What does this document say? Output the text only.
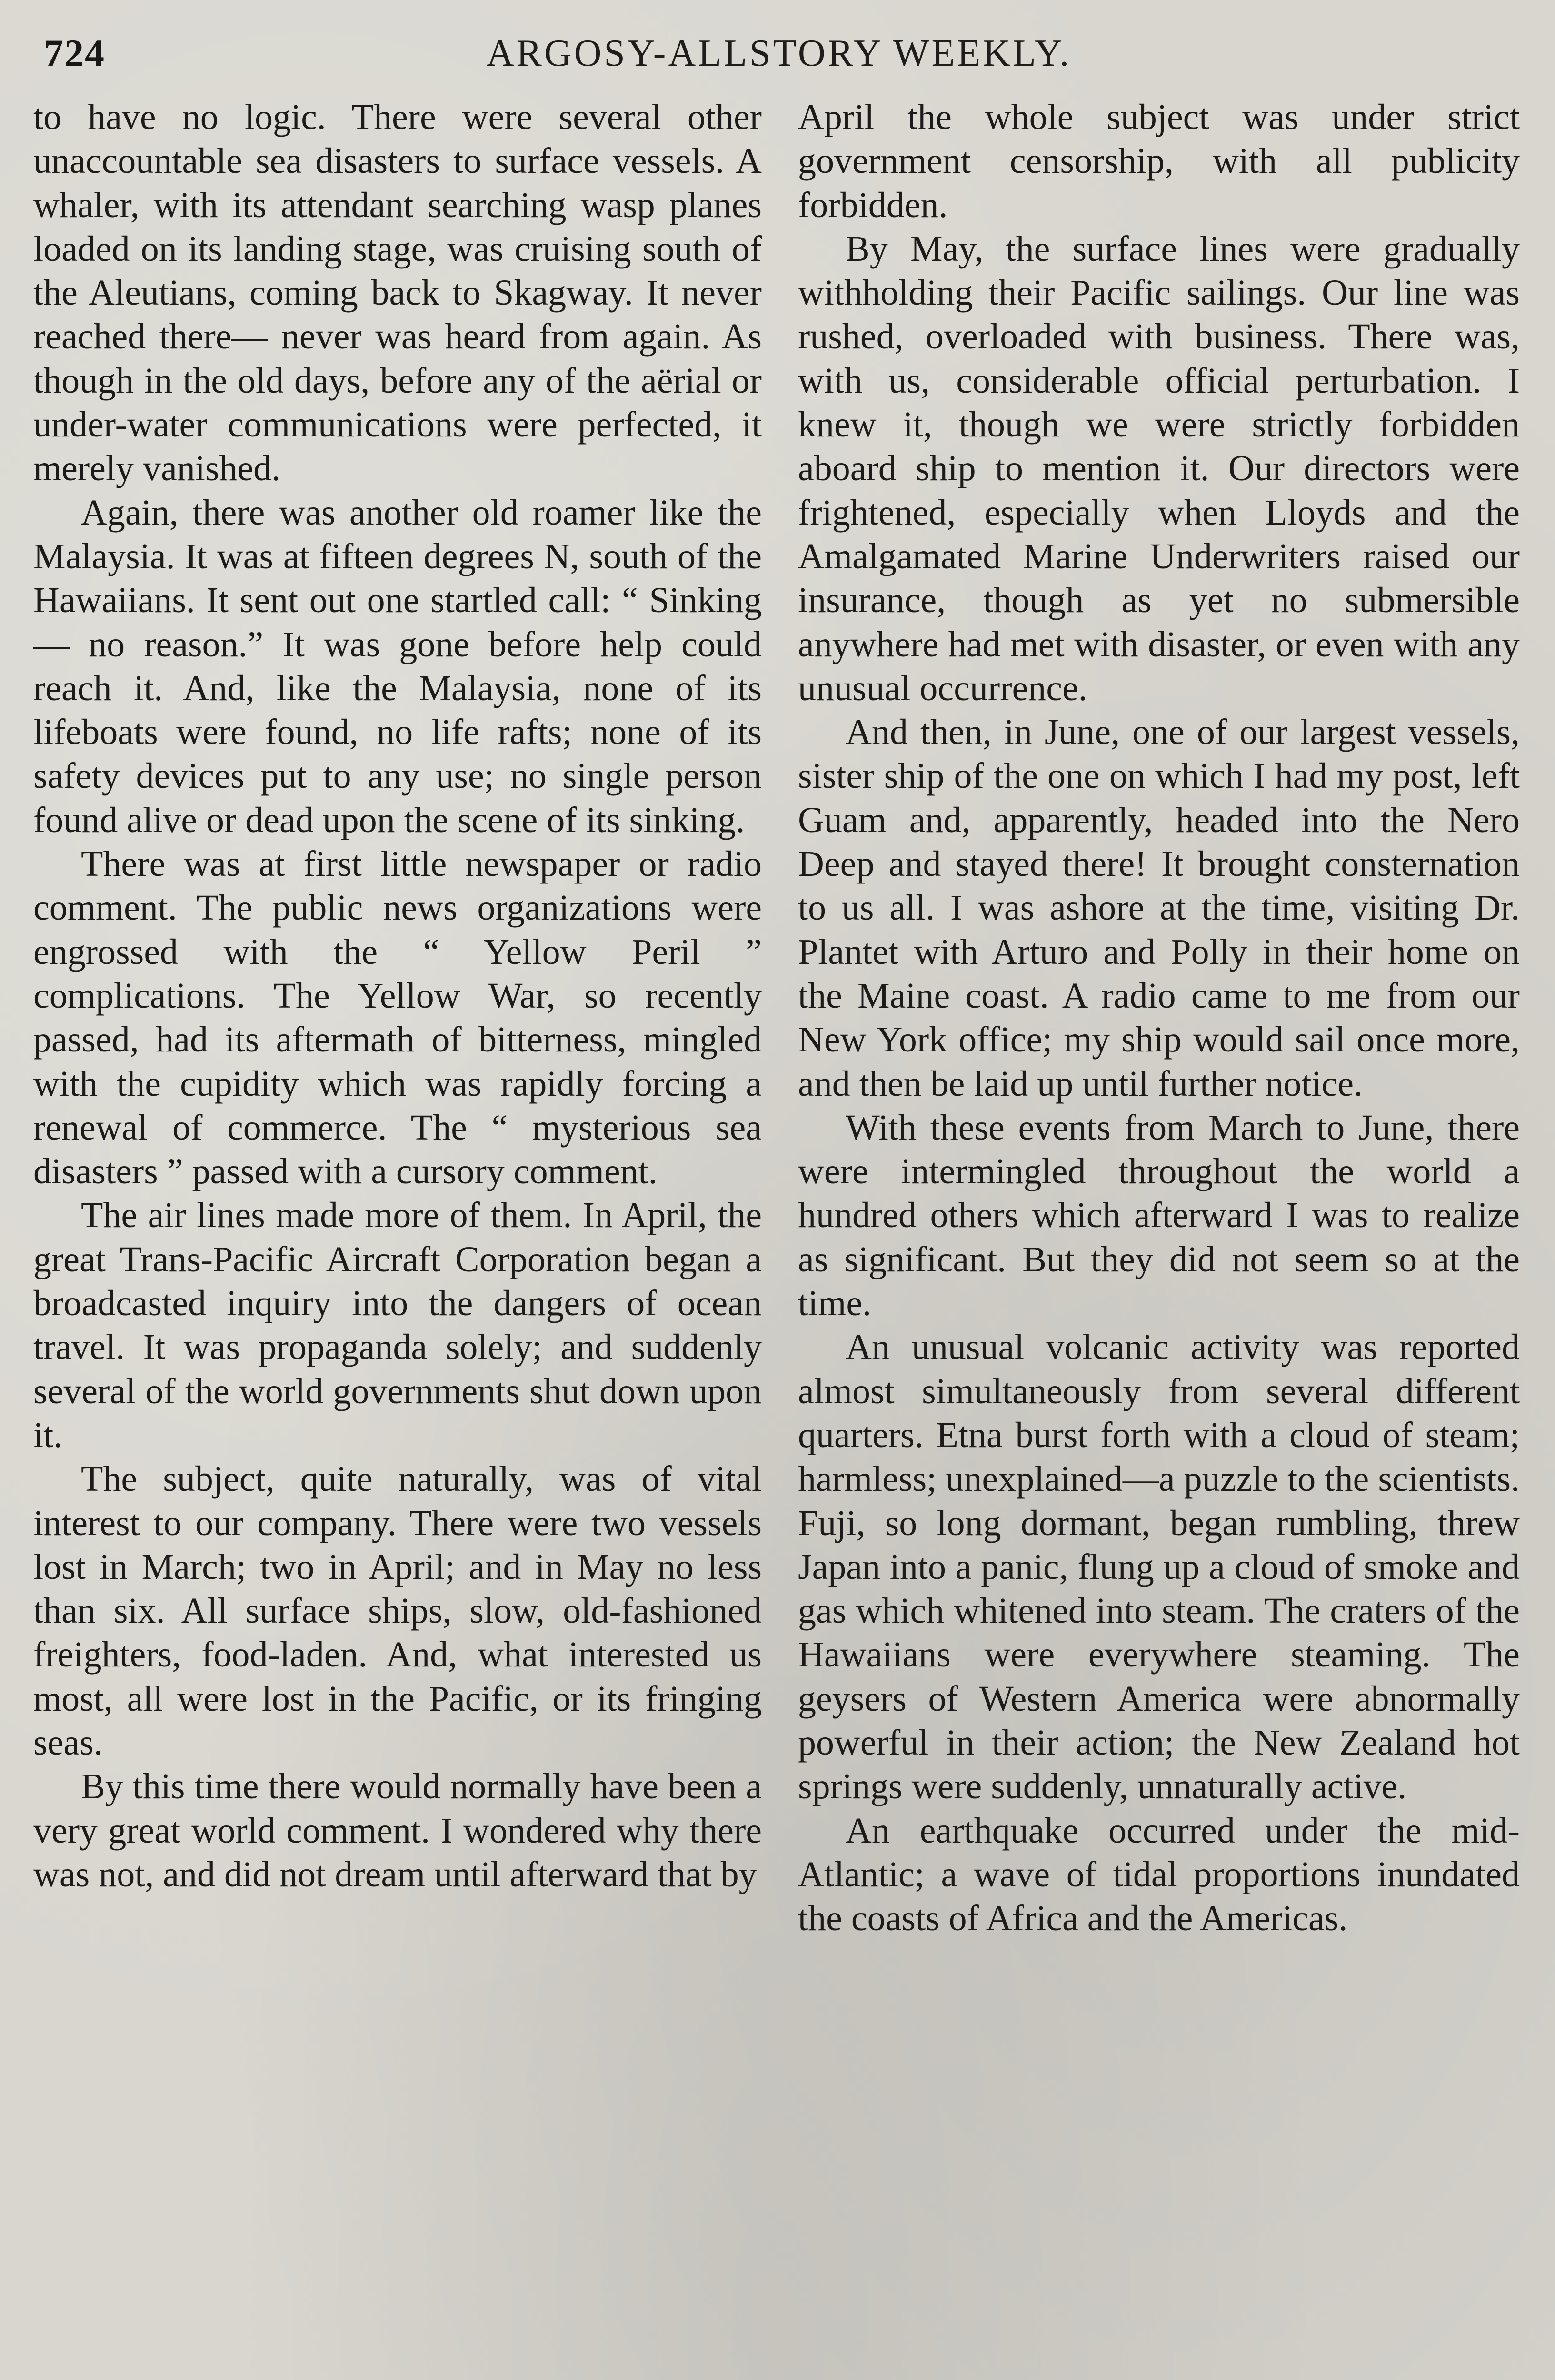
724	ARGOSY-ALLSTORY WEEKLY.

to have no logic. There were several other unaccountable sea disasters to surface vessels. A whaler, with its attendant searching wasp planes loaded on its landing stage, was cruising south of the Aleutians, coming back to Skagway. It never reached there— never was heard from again. As though in the old days, before any of the aërial or under-water communications were perfected, it merely vanished.

Again, there was another old roamer like the Malaysia. It was at fifteen degrees N, south of the Hawaiians. It sent out one startled call: “ Sinking— no reason.” It was gone before help could reach it. And, like the Malaysia, none of its lifeboats were found, no life rafts; none of its safety devices put to any use; no single person found alive or dead upon the scene of its sinking.

There was at first little newspaper or radio comment. The public news organizations were engrossed with the “ Yellow Peril ” complications. The Yellow War, so recently passed, had its aftermath of bitterness, mingled with the cupidity which was rapidly forcing a renewal of commerce. The “ mysterious sea disasters ” passed with a cursory comment.

The air lines made more of them. In April, the great Trans-Pacific Aircraft Corporation began a broadcasted inquiry into the dangers of ocean travel. It was propaganda solely; and suddenly several of the world governments shut down upon it.

The subject, quite naturally, was of vital interest to our company. There were two vessels lost in March; two in April; and in May no less than six. All surface ships, slow, old-fashioned freighters, food-laden. And, what interested us most, all were lost in the Pacific, or its fringing seas.

By this time there would normally have been a very great world comment. I wondered why there was not, and did not dream until afterward that by

April the whole subject was under strict government censorship, with all publicity forbidden.

By May, the surface lines were gradually withholding their Pacific sailings. Our line was rushed, overloaded with business. There was, with us, considerable official perturbation. I knew it, though we were strictly forbidden aboard ship to mention it. Our directors were frightened, especially when Lloyds and the Amalgamated Marine Underwriters raised our insurance, though as yet no submersible anywhere had met with disaster, or even with any unusual occurrence.

And then, in June, one of our largest vessels, sister ship of the one on which I had my post, left Guam and, apparently, headed into the Nero Deep and stayed there! It brought consternation to us all. I was ashore at the time, visiting Dr. Plantet with Arturo and Polly in their home on the Maine coast. A radio came to me from our New York office; my ship would sail once more, and then be laid up until further notice.

With these events from March to June, there were intermingled throughout the world a hundred others which afterward I was to realize as significant. But they did not seem so at the time.

An unusual volcanic activity was reported almost simultaneously from several different quarters. Etna burst forth with a cloud of steam; harmless; unexplained—a puzzle to the scientists. Fuji, so long dormant, began rumbling, threw Japan into a panic, flung up a cloud of smoke and gas which whitened into steam. The craters of the Hawaiians were everywhere steaming. The geysers of Western America were abnormally powerful in their action; the New Zealand hot springs were suddenly, unnaturally active.

An earthquake occurred under the mid-Atlantic; a wave of tidal proportions inundated the coasts of Africa and the Americas.
